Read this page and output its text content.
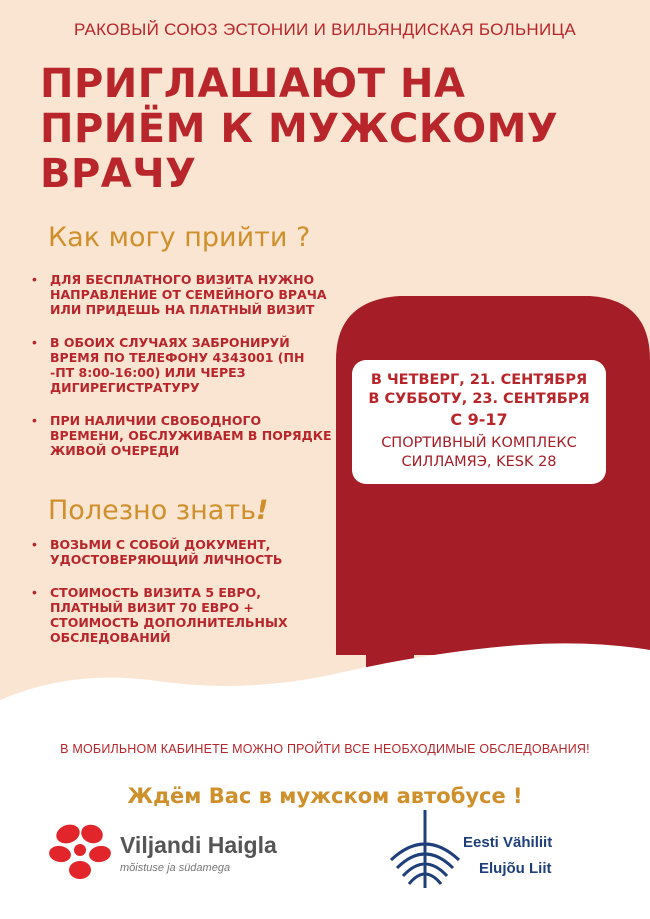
РАКОВЫЙ СОЮЗ ЭСТОНИИ И ВИЛЬЯНДИСКАЯ БОЛЬНИЦА
ПРИГЛАШАЮТ НА
ПРИЁМ К МУЖСКОМУ
ВРАЧУ
Как могу прийти ?
• ДЛЯ БЕСПЛАТНОГО ВИЗИТА НУЖНО НАПРАВЛЕНИЕ ОТ СЕМЕЙНОГО ВРАЧА ИЛИ ПРИДЕШЬ НА ПЛАТНЫЙ ВИЗИТ
• В ОБОИХ СЛУЧАЯХ ЗАБРОНИРУЙ ВРЕМЯ ПО ТЕЛЕФОНУ 4343001 (ПН -ПТ 8:00-16:00) ИЛИ ЧЕРЕЗ ДИГИРЕГИСТРАТУРУ
• ПРИ НАЛИЧИИ СВОБОДНОГО ВРЕМЕНИ, ОБСЛУЖИВАЕМ В ПОРЯДКЕ ЖИВОЙ ОЧЕРЕДИ
Полезно знать!
• ВОЗЬМИ С СОБОЙ ДОКУМЕНТ, УДОСТОВЕРЯЮЩИЙ ЛИЧНОСТЬ
• СТОИМОСТЬ ВИЗИТА 5 ЕВРО, ПЛАТНЫЙ ВИЗИТ 70 ЕВРО + СТОИМОСТЬ ДОПОЛНИТЕЛЬНЫХ ОБСЛЕДОВАНИЙ
В ЧЕТВЕРГ, 21. СЕНТЯБРЯ
В СУББОТУ, 23. СЕНТЯБРЯ
С 9-17
СПОРТИВНЫЙ КОМПЛЕКС
СИЛЛАМЯЭ, KESK 28
В МОБИЛЬНОМ КАБИНЕТЕ МОЖНО ПРОЙТИ ВСЕ НЕОБХОДИМЫЕ ОБСЛЕДОВАНИЯ!
Ждём Вас в мужском автобусе !
Viljandi Haigla
mõistuse ja südamega
Eesti Vähiliit
Elujõu Liit
